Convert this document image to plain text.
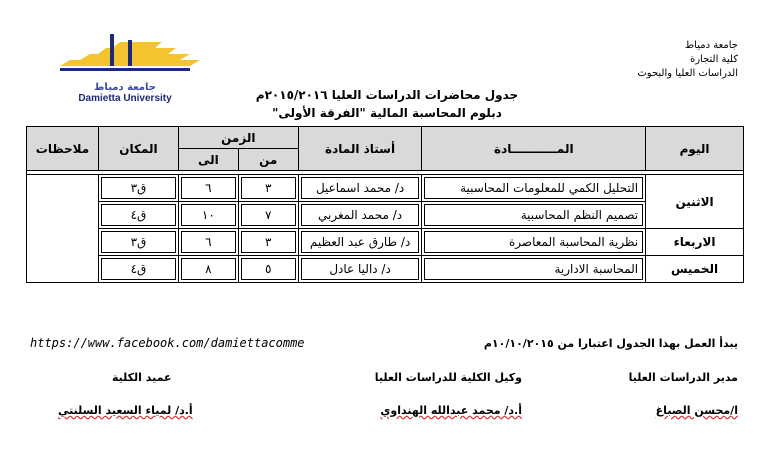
جامعة دمياط
Damietta University
جامعة دمياط
كلية التجارة
الدراسات العليا والبحوث
جدول محاضرات الدراسات العليا ٢٠١٥/٢٠١٦م
دبلوم المحاسبة المالية "الفرقة الأولى"
اليوم	المـــــــــــادة	أستاذ المادة	الزمن		المكان	ملاحظات
			من	الى		

الاثنين	التحليل الكمي للمعلومات المحاسبية	د/ محمد اسماعيل	٣	٦	ق٣	

	تصميم النظم المحاسبية	د/ محمد المغربي	٧	١٠	ق٤	

الاربعاء	نظرية المحاسبة المعاصرة	د/ طارق عبد العظيم	٣	٦	ق٣	

الخميس	المحاسبة الادارية	د/ داليا عادل	٥	٨	ق٤	
يبدأ العمل بهذا الجدول اعتبارا من ١٠/١٠/٢٠١٥م
https://www.facebook.com/damiettacomme
مدير الدراسات العليا
وكيل الكلية للدراسات العليا
عميد الكلية
ا/محسن الصباغ
أ.د/ محمد عبدالله الهنداوي
أ.د/ لمياء السعيد السلنتي
